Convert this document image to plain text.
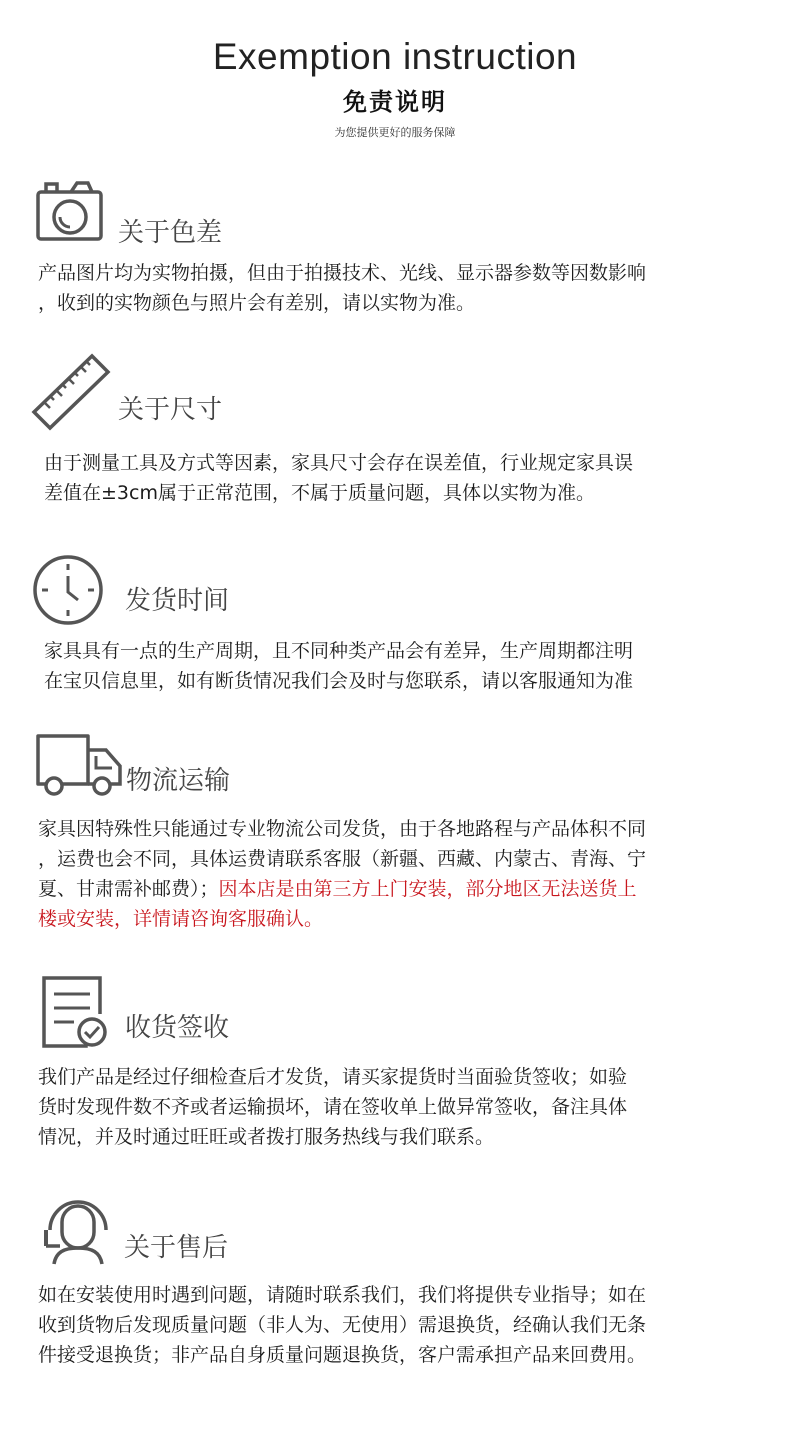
Exemption instruction
免责说明
为您提供更好的服务保障
关于色差
产品图片均为实物拍摄，但由于拍摄技术、光线、显示器参数等因数影响
，收到的实物颜色与照片会有差别，请以实物为准。
关于尺寸
由于测量工具及方式等因素，家具尺寸会存在误差值，行业规定家具误
差值在±3cm属于正常范围，不属于质量问题，具体以实物为准。
发货时间
家具具有一点的生产周期，且不同种类产品会有差异，生产周期都注明
在宝贝信息里，如有断货情况我们会及时与您联系，请以客服通知为准
物流运输
家具因特殊性只能通过专业物流公司发货，由于各地路程与产品体积不同
，运费也会不同，具体运费请联系客服（新疆、西藏、内蒙古、青海、宁
夏、甘肃需补邮费）；因本店是由第三方上门安装，部分地区无法送货上
楼或安装，详情请咨询客服确认。
收货签收
我们产品是经过仔细检查后才发货，请买家提货时当面验货签收；如验
货时发现件数不齐或者运输损坏，请在签收单上做异常签收，备注具体
情况，并及时通过旺旺或者拨打服务热线与我们联系。
关于售后
如在安装使用时遇到问题，请随时联系我们，我们将提供专业指导；如在
收到货物后发现质量问题（非人为、无使用）需退换货，经确认我们无条
件接受退换货；非产品自身质量问题退换货，客户需承担产品来回费用。
